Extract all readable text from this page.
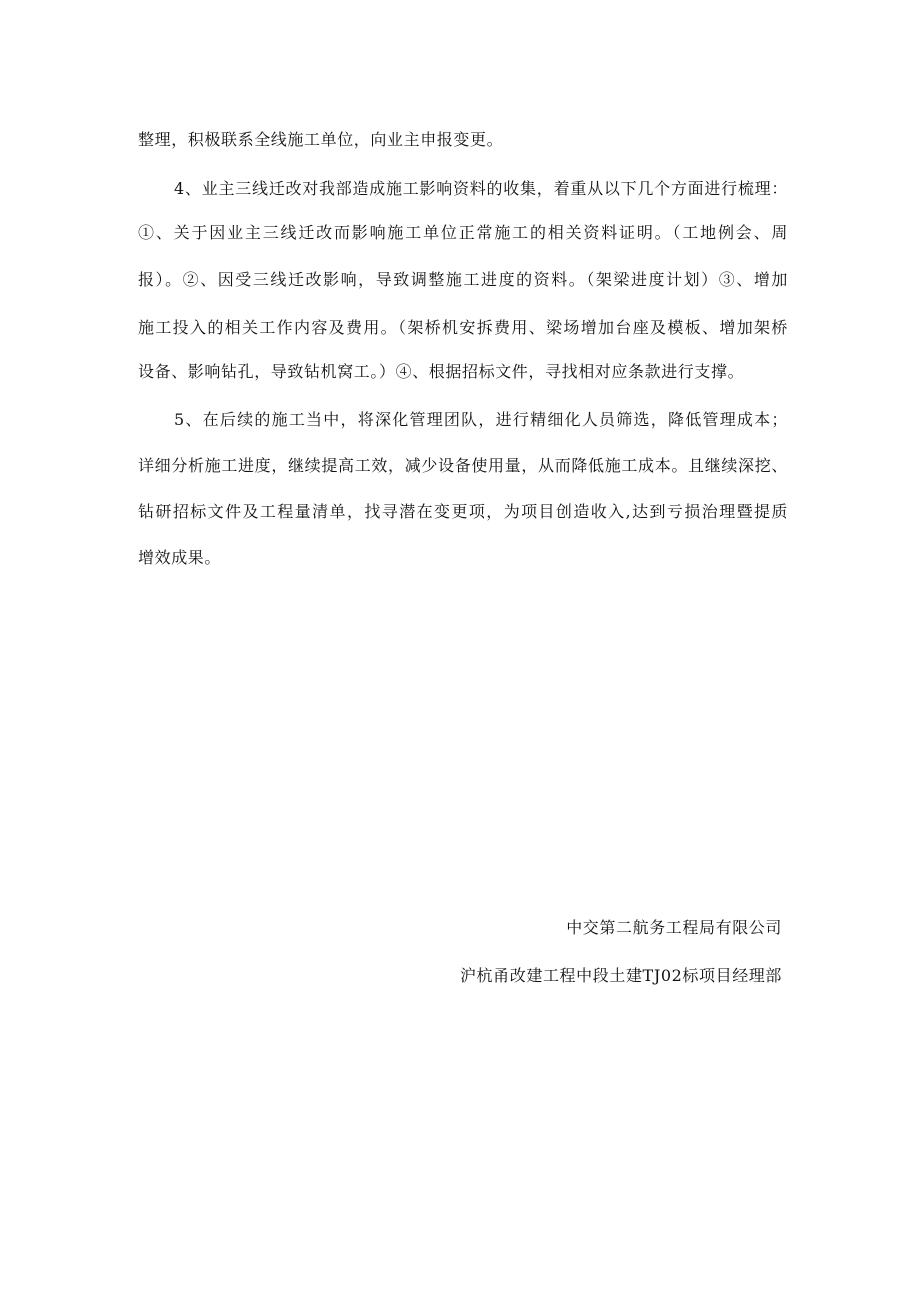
整理，积极联系全线施工单位，向业主申报变更。
4、业主三线迁改对我部造成施工影响资料的收集，着重从以下几个方面进行梳理：
①、关于因业主三线迁改而影响施工单位正常施工的相关资料证明。（工地例会、周
报）。②、因受三线迁改影响，导致调整施工进度的资料。（架梁进度计划）③、增加
施工投入的相关工作内容及费用。（架桥机安拆费用、梁场增加台座及模板、增加架桥
设备、影响钻孔，导致钻机窝工。）④、根据招标文件，寻找相对应条款进行支撑。
5、在后续的施工当中，将深化管理团队，进行精细化人员筛选，降低管理成本；
详细分析施工进度，继续提高工效，减少设备使用量，从而降低施工成本。且继续深挖、
钻研招标文件及工程量清单，找寻潜在变更项，为项目创造收入,达到亏损治理暨提质
增效成果。
中交第二航务工程局有限公司
沪杭甬改建工程中段土建TJ02标项目经理部
